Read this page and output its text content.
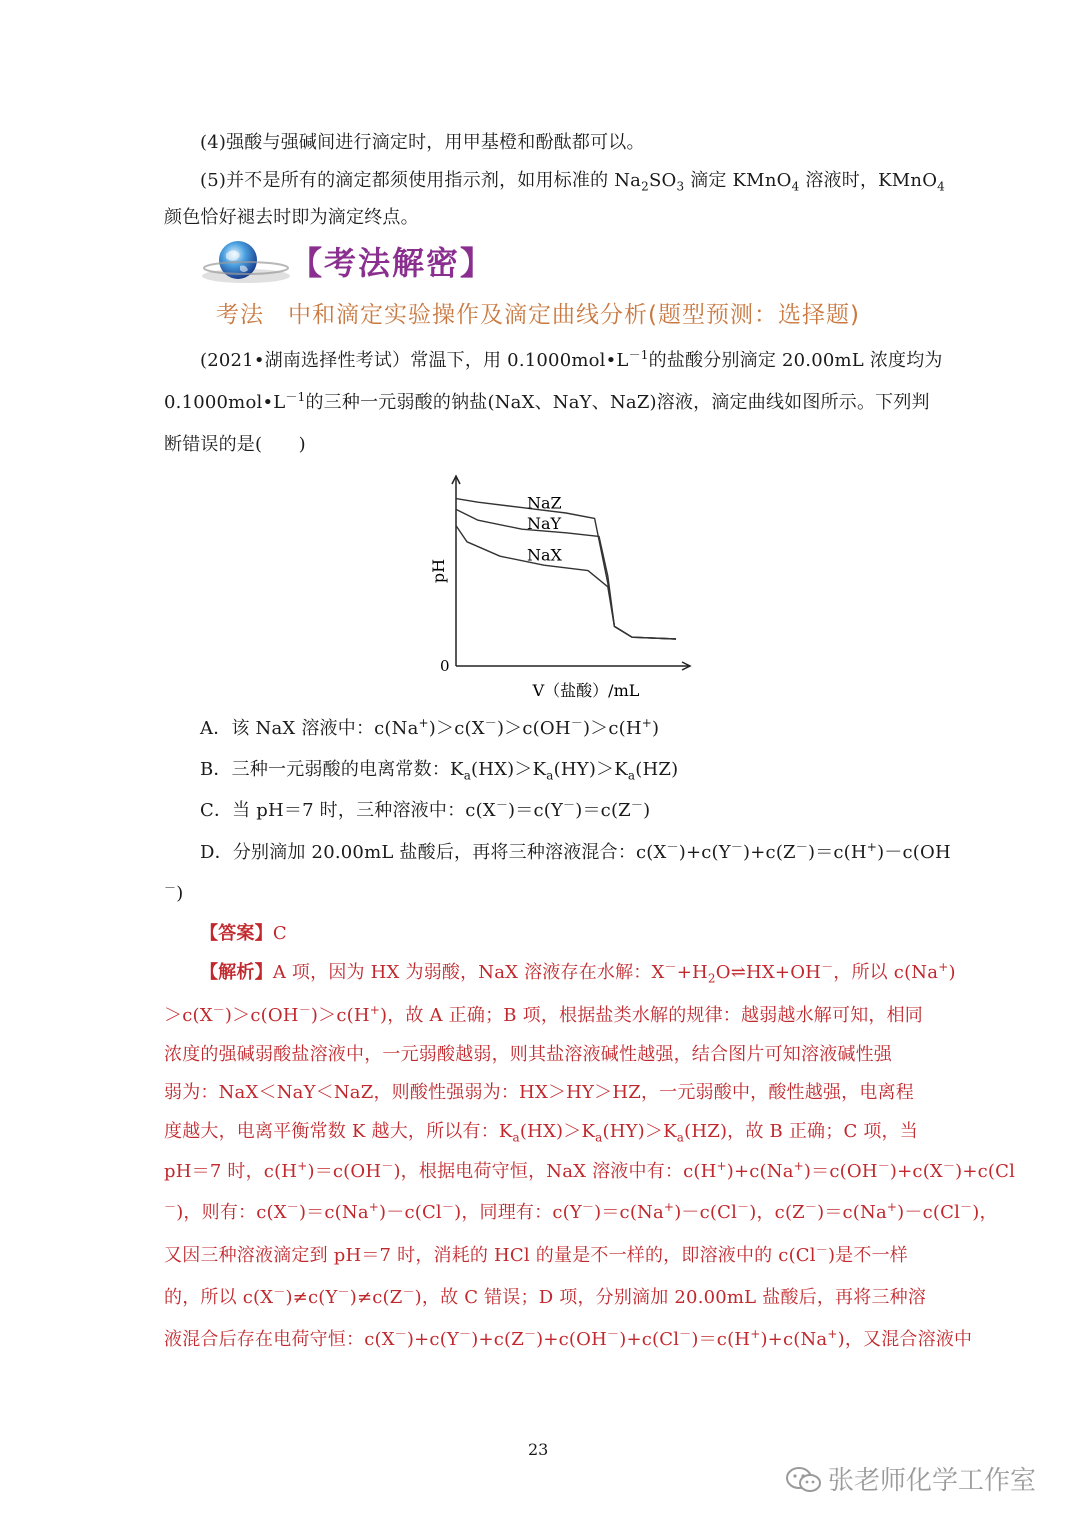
(4)强酸与强碱间进行滴定时，用甲基橙和酚酞都可以。
(5)并不是所有的滴定都须使用指示剂，如用标准的 $Na_2SO_3$ 滴定 KMnO$_4$ 溶液时，KMnO$_4$
颜色恰好褪去时即为滴定终点。
【考法解密】
考法　中和滴定实验操作及滴定曲线分析(题型预测：选择题)
(2021•湖南选择性考试）常温下，用 $0.1000mol•L^{-1}$的盐酸分别滴定 20.00mL 浓度均为
$0.1000mol•L^{-1}$的三种一元弱酸的钠盐(NaX、NaY、NaZ)溶液，滴定曲线如图所示。下列判
断错误的是(　　)
pH
0
V（盐酸）/mL
NaZ
NaY
NaX
A．该 NaX 溶液中：c(Na+)＞c(X－)＞c(OH－)＞c(H+)
B．三种一元弱酸的电离常数：$K_a(HX)>K_a(HY)>K_a(HZ)$
C．当 pH＝7 时，三种溶液中：c(X－)＝c(Y－)＝c(Z－)
D．分别滴加 20.00mL 盐酸后，再将三种溶液混合：c(X－)+c(Y－)+c(Z－)＝c(H+)－c(OH
－)
【答案】C
【解析】A 项，因为 HX 为弱酸，NaX 溶液存在水解：$X^-+H_2O\rightleftharpoons HX+OH^-$，所以 c(Na+)
＞c(X－)＞c(OH－)＞c(H+)，故 A 正确；B 项，根据盐类水解的规律：越弱越水解可知，相同
浓度的强碱弱酸盐溶液中，一元弱酸越弱，则其盐溶液碱性越强，结合图片可知溶液碱性强
弱为：NaX＜NaY＜NaZ，则酸性强弱为：HX＞HY＞HZ，一元弱酸中，酸性越强，电离程
度越大，电离平衡常数 K 越大，所以有：$K_a(HX)>K_a(HY)>K_a(HZ)$，故 B 正确；C 项，当
pH＝7 时，c(H+)＝c(OH－)，根据电荷守恒，NaX 溶液中有：c(H+)+c(Na+)＝c(OH－)+c(X－)+c(Cl
－)，则有：c(X－)＝c(Na+)－c(Cl－)，同理有：c(Y－)＝c(Na+)－c(Cl－)，c(Z－)＝c(Na+)－c(Cl－)，
又因三种溶液滴定到 pH＝7 时，消耗的 HCl 的量是不一样的，即溶液中的 c(Cl－)是不一样
的，所以 c(X－)≠c(Y－)≠c(Z－)，故 C 错误；D 项，分别滴加 20.00mL 盐酸后，再将三种溶
液混合后存在电荷守恒：c(X－)+c(Y－)+c(Z－)+c(OH－)+c(Cl－)＝c(H+)+c(Na+)，又混合溶液中
23
张老师化学工作室
